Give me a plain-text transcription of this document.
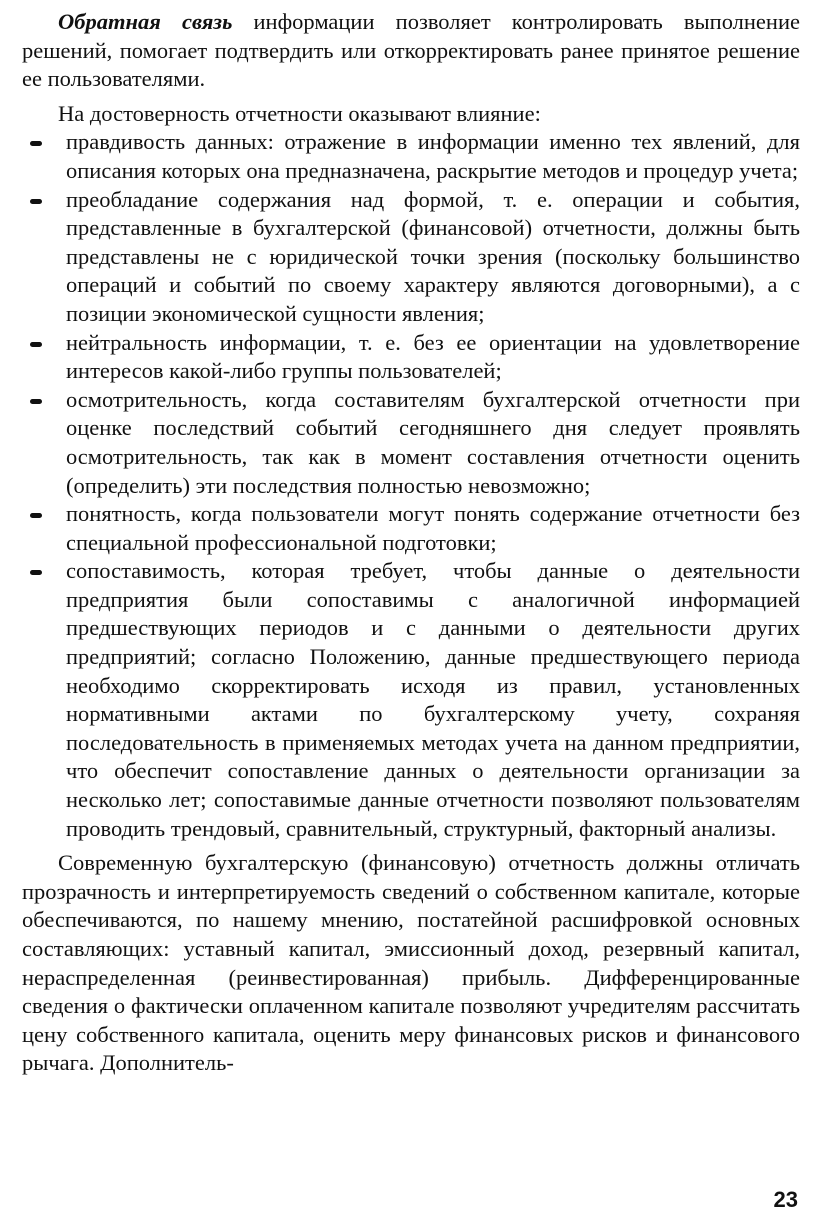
Обратная связь информации позволяет контролировать выполнение решений, помогает подтвердить или откорректировать ранее принятое решение ее пользователями.

На достоверность отчетности оказывают влияние:

правдивость данных: отражение в информации именно тех явлений, для описания которых она предназначена, раскрытие методов и процедур учета;
преобладание содержания над формой, т. е. операции и события, представленные в бухгалтерской (финансовой) отчетности, должны быть представлены не с юридической точки зрения (поскольку большинство операций и событий по своему характеру являются договорными), а с позиции экономической сущности явления;
нейтральность информации, т. е. без ее ориентации на удовлетворение интересов какой-либо группы пользователей;
осмотрительность, когда составителям бухгалтерской отчетности при оценке последствий событий сегодняшнего дня следует проявлять осмотрительность, так как в момент составления отчетности оценить (определить) эти последствия полностью невозможно;
понятность, когда пользователи могут понять содержание отчетности без специальной профессиональной подготовки;
сопоставимость, которая требует, чтобы данные о деятельности предприятия были сопоставимы с аналогичной информацией предшествующих периодов и с данными о деятельности других предприятий; согласно Положению, данные предшествующего периода необходимо скорректировать исходя из правил, установленных нормативными актами по бухгалтерскому учету, сохраняя последовательность в применяемых методах учета на данном предприятии, что обеспечит сопоставление данных о деятельности организации за несколько лет; сопоставимые данные отчетности позволяют пользователям проводить трендовый, сравнительный, структурный, факторный анализы.

Современную бухгалтерскую (финансовую) отчетность должны отличать прозрачность и интерпретируемость сведений о собственном капитале, которые обеспечиваются, по нашему мнению, постатейной расшифровкой основных составляющих: уставный капитал, эмиссионный доход, резервный капитал, нераспределенная (реинвестированная) прибыль. Дифференцированные сведения о фактически оплаченном капитале позволяют учредителям рассчитать цену собственного капитала, оценить меру финансовых рисков и финансового рычага. Дополнитель-

23
